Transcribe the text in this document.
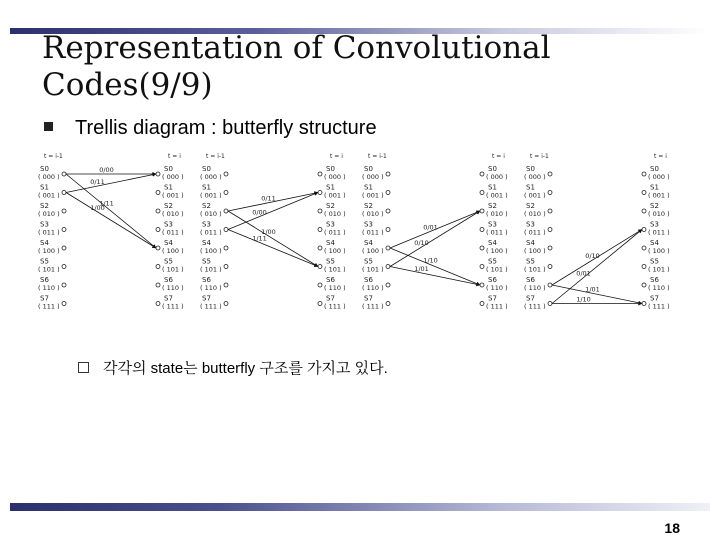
Representation of Convolutional
Codes(9/9)
Trellis diagram : butterfly structure
t = i-1
S0
( 000 )
S1
( 001 )
S2
( 010 )
S3
( 011 )
S4
( 100 )
S5
( 101 )
S6
( 110 )
S7
( 111 )
t = i
S0
( 000 )
S1
( 001 )
S2
( 010 )
S3
( 011 )
S4
( 100 )
S5
( 101 )
S6
( 110 )
S7
( 111 )
0/00
0/11
1/11
1/00
t = i-1
S0
( 000 )
S1
( 001 )
S2
( 010 )
S3
( 011 )
S4
( 100 )
S5
( 101 )
S6
( 110 )
S7
( 111 )
t = i
S0
( 000 )
S1
( 001 )
S2
( 010 )
S3
( 011 )
S4
( 100 )
S5
( 101 )
S6
( 110 )
S7
( 111 )
0/11
0/00
1/00
1/11
t = i-1
S0
( 000 )
S1
( 001 )
S2
( 010 )
S3
( 011 )
S4
( 100 )
S5
( 101 )
S6
( 110 )
S7
( 111 )
t = i
S0
( 000 )
S1
( 001 )
S2
( 010 )
S3
( 011 )
S4
( 100 )
S5
( 101 )
S6
( 110 )
S7
( 111 )
0/01
0/10
1/10
1/01
t = i-1
S0
( 000 )
S1
( 001 )
S2
( 010 )
S3
( 011 )
S4
( 100 )
S5
( 101 )
S6
( 110 )
S7
( 111 )
t = i
S0
( 000 )
S1
( 001 )
S2
( 010 )
S3
( 011 )
S4
( 100 )
S5
( 101 )
S6
( 110 )
S7
( 111 )
0/10
0/01
1/01
1/10
각각의 state는 butterfly 구조를 가지고 있다.
18
